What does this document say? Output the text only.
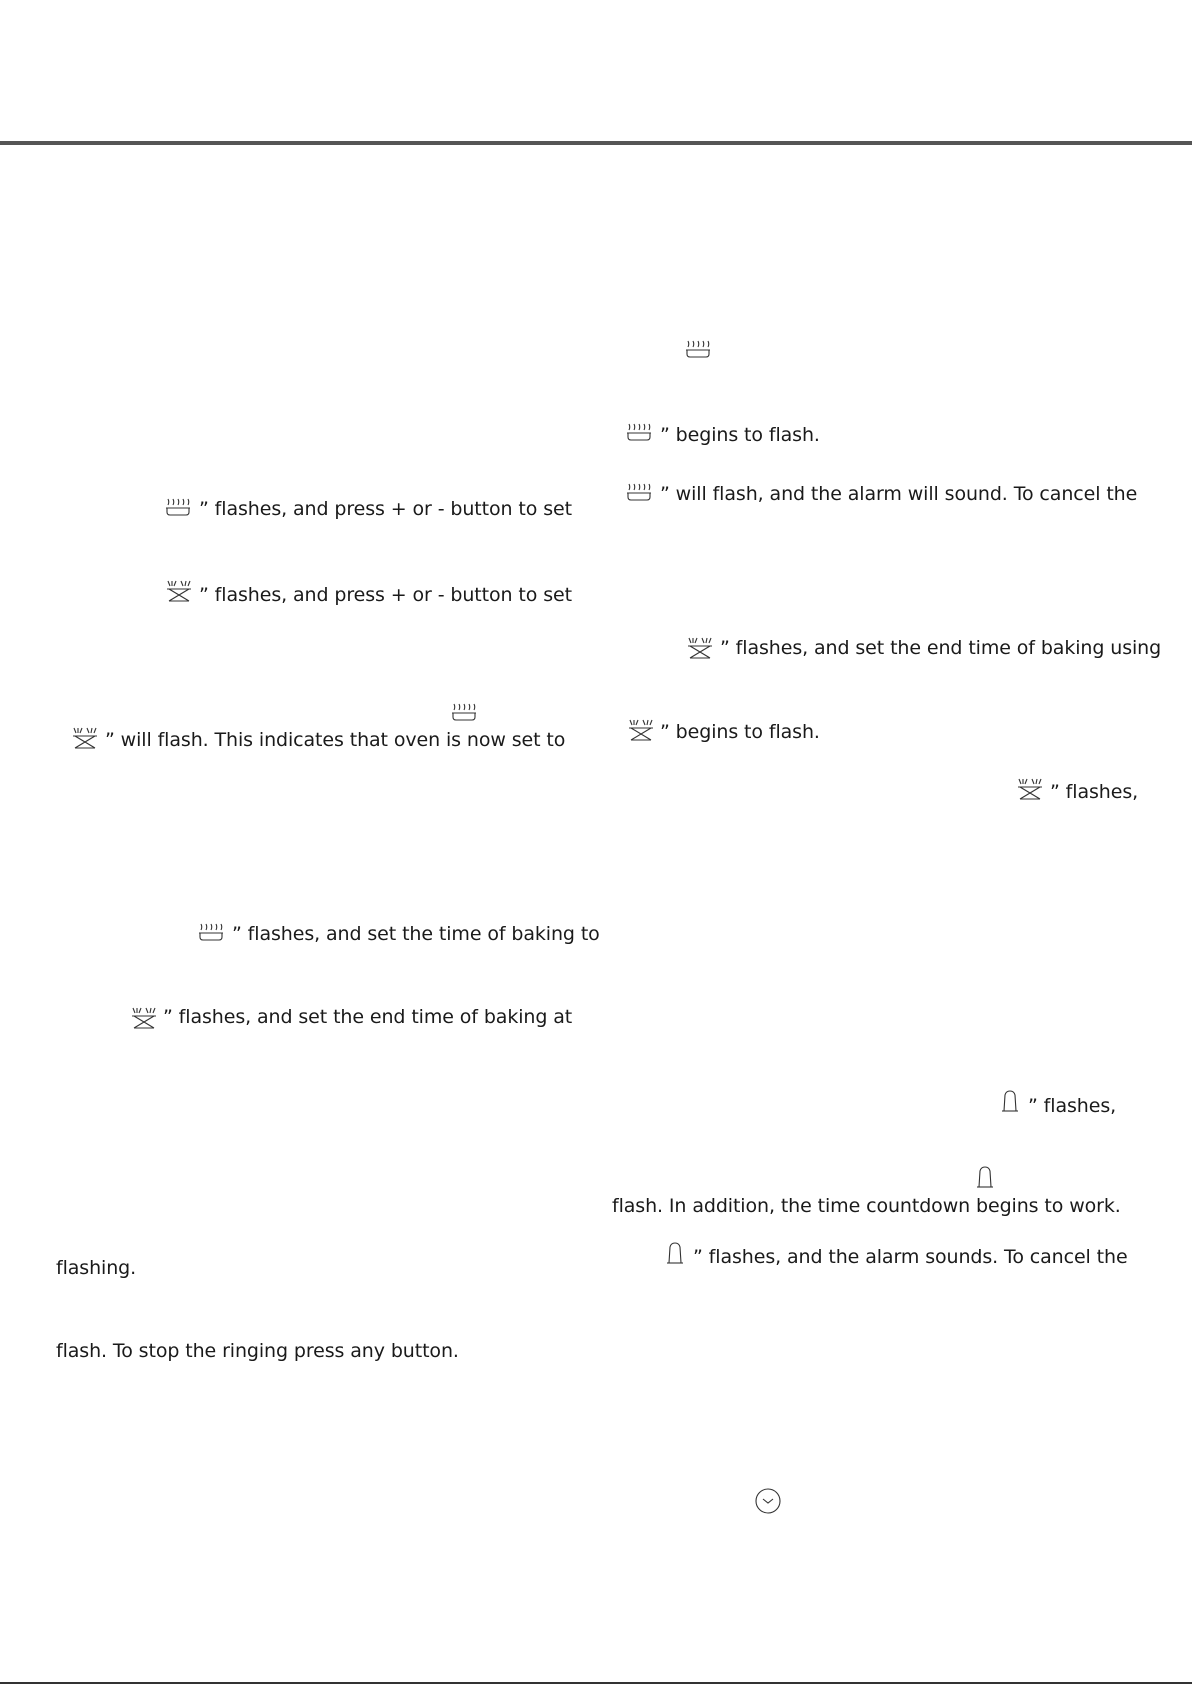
” flashes, and press + or - button to set
” flashes, and press + or - button to set
” will flash. This indicates that oven is now set to
” flashes, and set the time of baking to
” flashes, and set the end time of baking at
flashing.
flash. To stop the ringing press any button.
” begins to flash.
” will flash, and the alarm will sound. To cancel the
” flashes, and set the end time of baking using
” begins to flash.
” flashes,
” flashes,
flash. In addition, the time countdown begins to work.
” flashes, and the alarm sounds. To cancel the
